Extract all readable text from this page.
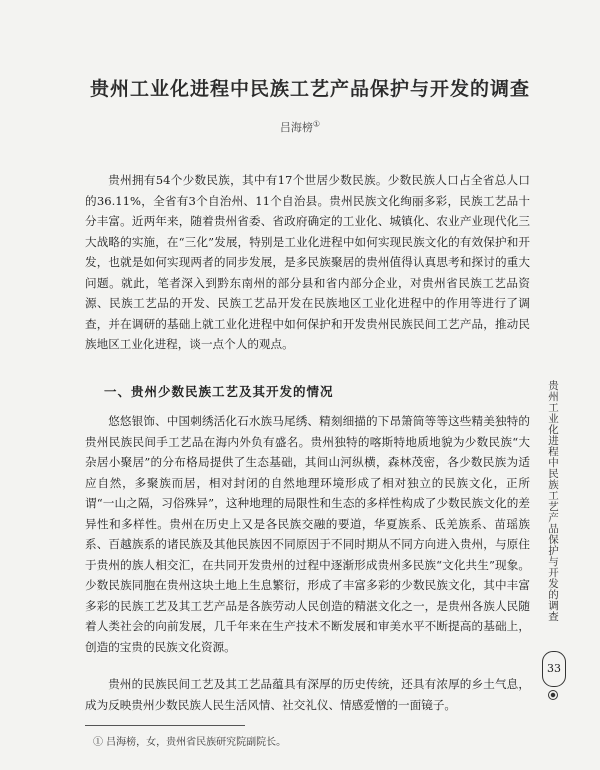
贵州工业化进程中民族工艺产品保护与开发的调查
吕海榜①

贵州拥有54个少数民族，其中有17个世居少数民族。少数民族人口占全省总人口的36.11%，全省有3个自治州、11个自治县。贵州民族文化绚丽多彩，民族工艺品十分丰富。近两年来，随着贵州省委、省政府确定的工业化、城镇化、农业产业现代化三大战略的实施，在“三化”发展，特别是工业化进程中如何实现民族文化的有效保护和开发，也就是如何实现两者的同步发展，是多民族聚居的贵州值得认真思考和探讨的重大问题。就此，笔者深入到黔东南州的部分县和省内部分企业，对贵州省民族工艺品资源、民族工艺品的开发、民族工艺品开发在民族地区工业化进程中的作用等进行了调查，并在调研的基础上就工业化进程中如何保护和开发贵州民族民间工艺产品，推动民族地区工业化进程，谈一点个人的观点。

一、贵州少数民族工艺及其开发的情况

悠悠银饰、中国刺绣活化石水族马尾绣、精刻细描的下昂箫筒等等这些精美独特的贵州民族民间手工艺品在海内外负有盛名。贵州独特的喀斯特地质地貌为少数民族“大杂居小聚居”的分布格局提供了生态基础，其间山河纵横，森林茂密，各少数民族为适应自然，多聚族而居，相对封闭的自然地理环境形成了相对独立的民族文化，正所谓“一山之隔，习俗殊异”，这种地理的局限性和生态的多样性构成了少数民族文化的差异性和多样性。贵州在历史上又是各民族交融的要道，华夏族系、氐羌族系、苗瑶族系、百越族系的诸民族及其他民族因不同原因于不同时期从不同方向进入贵州，与原住于贵州的族人相交汇，在共同开发贵州的过程中逐渐形成贵州多民族“文化共生”现象。少数民族同胞在贵州这块土地上生息繁衍，形成了丰富多彩的少数民族文化，其中丰富多彩的民族工艺及其工艺产品是各族劳动人民创造的精湛文化之一，是贵州各族人民随着人类社会的向前发展，几千年来在生产技术不断发展和审美水平不断提高的基础上，创造的宝贵的民族文化资源。

贵州的民族民间工艺及其工艺品蕴具有深厚的历史传统，还具有浓厚的乡土气息，成为反映贵州少数民族人民生活风情、社交礼仪、情感爱憎的一面镜子。

① 吕海榜，女，贵州省民族研究院副院长。
贵州工业化进程中民族工艺产品保护与开发的调查
33
